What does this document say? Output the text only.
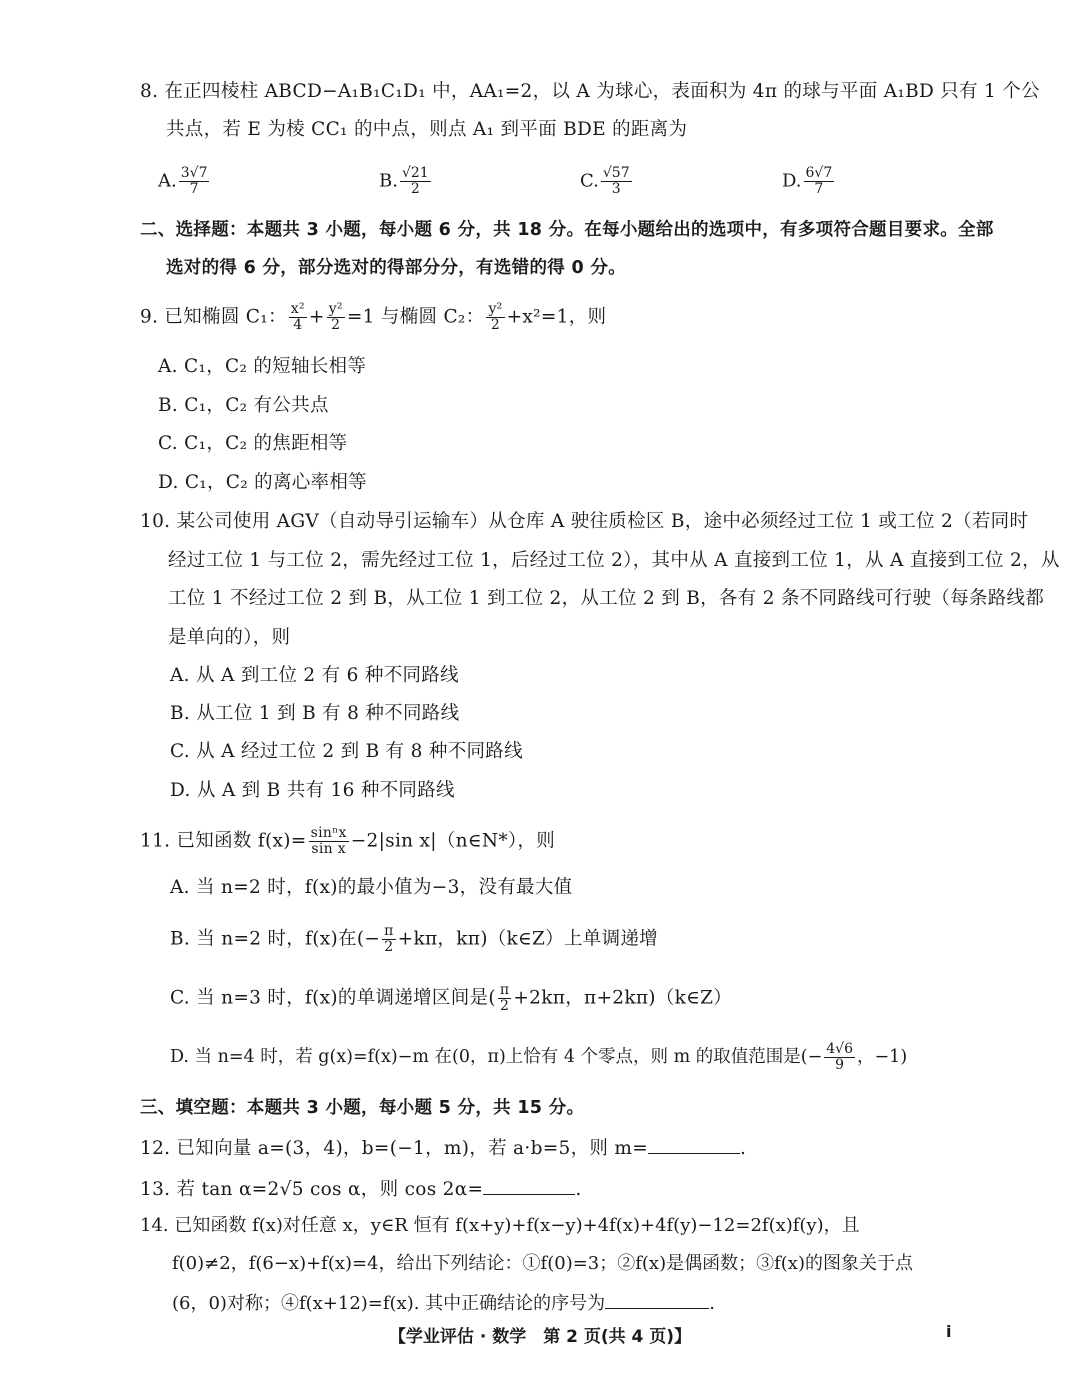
8. 在正四棱柱 ABCD−A₁B₁C₁D₁ 中，AA₁=2，以 A 为球心，表面积为 4π 的球与平面 A₁BD 只有 1 个公
共点，若 E 为棱 CC₁ 的中点，则点 A₁ 到平面 BDE 的距离为
A. $\frac{3√7}{7}$	B. $\frac{√21}{2}$	C. $\frac{√57}{3}$	D. $\frac{6√7}{7}$
二、选择题：本题共 3 小题，每小题 6 分，共 18 分。在每小题给出的选项中，有多项符合题目要求。全部
选对的得 6 分，部分选对的得部分分，有选错的得 0 分。
9. 已知椭圆 C₁： $\frac{\text{x²}}{4} + \frac{\text{y²}}{2} =1$ 与椭圆 C₂： $\frac{\text{y²}}{2} +x^2=1$，则
A. C₁，C₂ 的短轴长相等
B. C₁，C₂ 有公共点
C. C₁，C₂ 的焦距相等
D. C₁，C₂ 的离心率相等
10. 某公司使用 AGV（自动导引运输车）从仓库 A 驶往质检区 B，途中必须经过工位 1 或工位 2（若同时
经过工位 1 与工位 2，需先经过工位 1，后经过工位 2），其中从 A 直接到工位 1，从 A 直接到工位 2，从
工位 1 不经过工位 2 到 B，从工位 1 到工位 2，从工位 2 到 B，各有 2 条不同路线可行驶（每条路线都
是单向的），则
A. 从 A 到工位 2 有 6 种不同路线
B. 从工位 1 到 B 有 8 种不同路线
C. 从 A 经过工位 2 到 B 有 8 种不同路线
D. 从 A 到 B 共有 16 种不同路线
11. 已知函数 $f(x)= \frac{\text{sinⁿx}}{\text{sin x}} -2|\sin$ x|（n∈N*），则
A. 当 n=2 时，f(x)的最小值为−3，没有最大值
B. 当 n=2 时，f(x)在(− $\frac{\pi}{2} +k\pi$，kπ)（k∈Z）上单调递增
C. 当 n=3 时，f(x)的单调递增区间是( $\frac{\pi}{2} +2k\pi$，π+2kπ)（k∈Z）
D. 当 n=4 时，若 g(x)=f(x)−m 在(0，π)上恰有 4 个零点，则 m 的取值范围是(− $\frac{4√6}{9}$ ，−1)
三、填空题：本题共 3 小题，每小题 5 分，共 15 分。
12. 已知向量 a=(3，4)，b=(−1，m)，若 a·b=5，则 m=	.
13. 若 tan α=2√5 cos α，则 cos 2α=	.
14. 已知函数 f(x)对任意 x，y∈R 恒有 f(x+y)+f(x−y)+4f(x)+4f(y)−12=2f(x)f(y)，且
f(0)≠2，f(6−x)+f(x)=4，给出下列结论：①f(0)=3；②f(x)是偶函数；③f(x)的图象关于点
(6，0)对称；④f(x+12)=f(x). 其中正确结论的序号为	.
【学业评估 · 数学　第 2 页(共 4 页)】	ⅰ
